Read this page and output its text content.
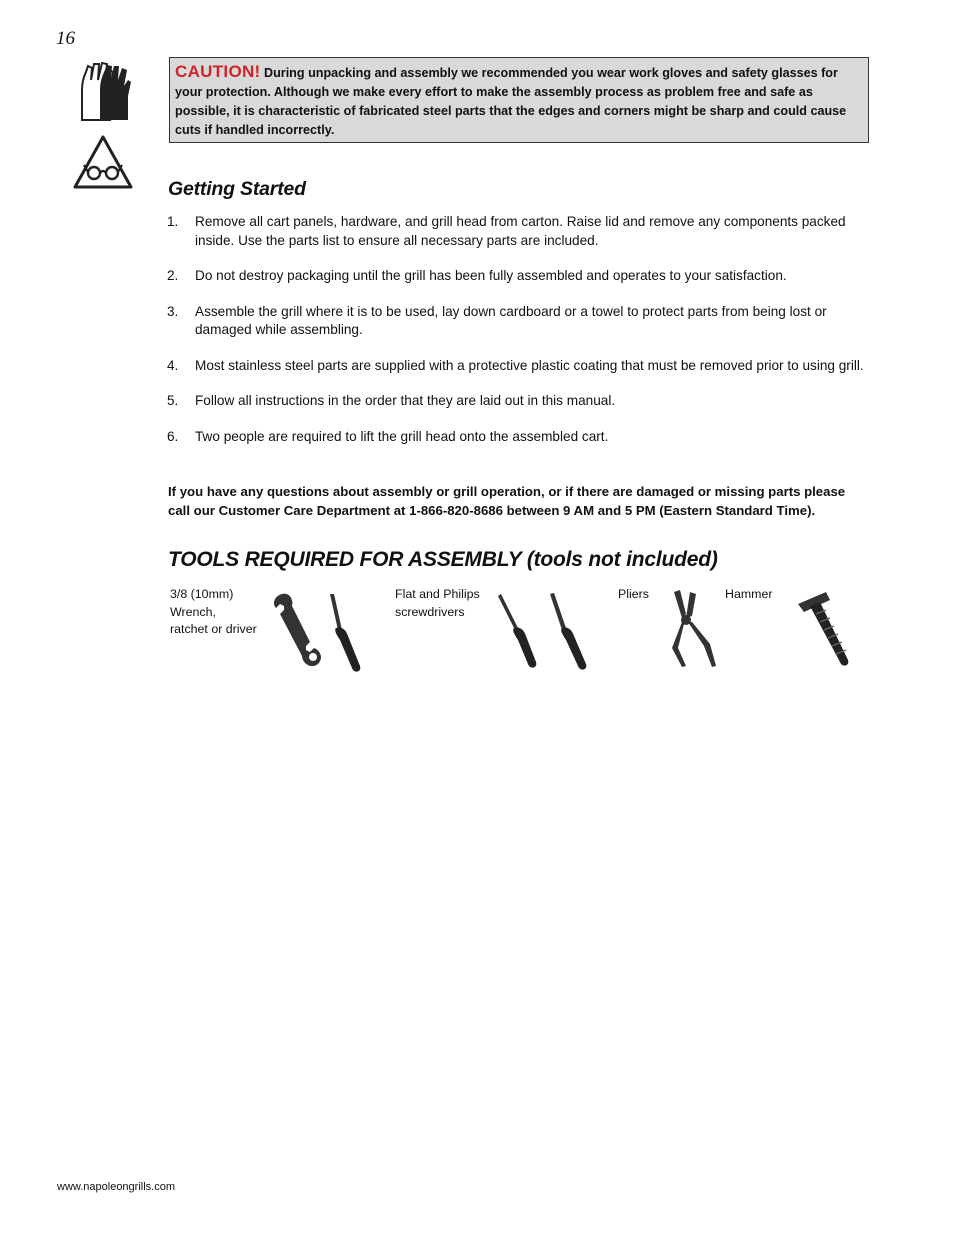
16
CAUTION! During unpacking and assembly we recommended you wear work gloves and safety glasses for your protection. Although we make every effort to make the assembly process as problem free and safe as possible, it is characteristic of fabricated steel parts that the edges and corners might be sharp and could cause cuts if handled incorrectly.
Getting Started
1. Remove all cart panels, hardware, and grill head from carton. Raise lid and remove any components packed inside. Use the parts list to ensure all necessary parts are included.
2. Do not destroy packaging until the grill has been fully assembled and operates to your satisfaction.
3. Assemble the grill where it is to be used, lay down cardboard or a towel to protect parts from being lost or damaged while assembling.
4. Most stainless steel parts are supplied with a protective plastic coating that must be removed prior to using grill.
5. Follow all instructions in the order that they are laid out in this manual.
6. Two people are required to lift the grill head onto the assembled cart.
If you have any questions about assembly or grill operation, or if there are damaged or missing parts please call our Customer Care Department at 1-866-820-8686 between 9 AM and 5 PM (Eastern Standard Time).
TOOLS REQUIRED FOR ASSEMBLY (tools not included)
3/8 (10mm)
Wrench,
ratchet or driver
Flat and Philips
screwdrivers
Pliers	Hammer
www.napoleongrills.com
